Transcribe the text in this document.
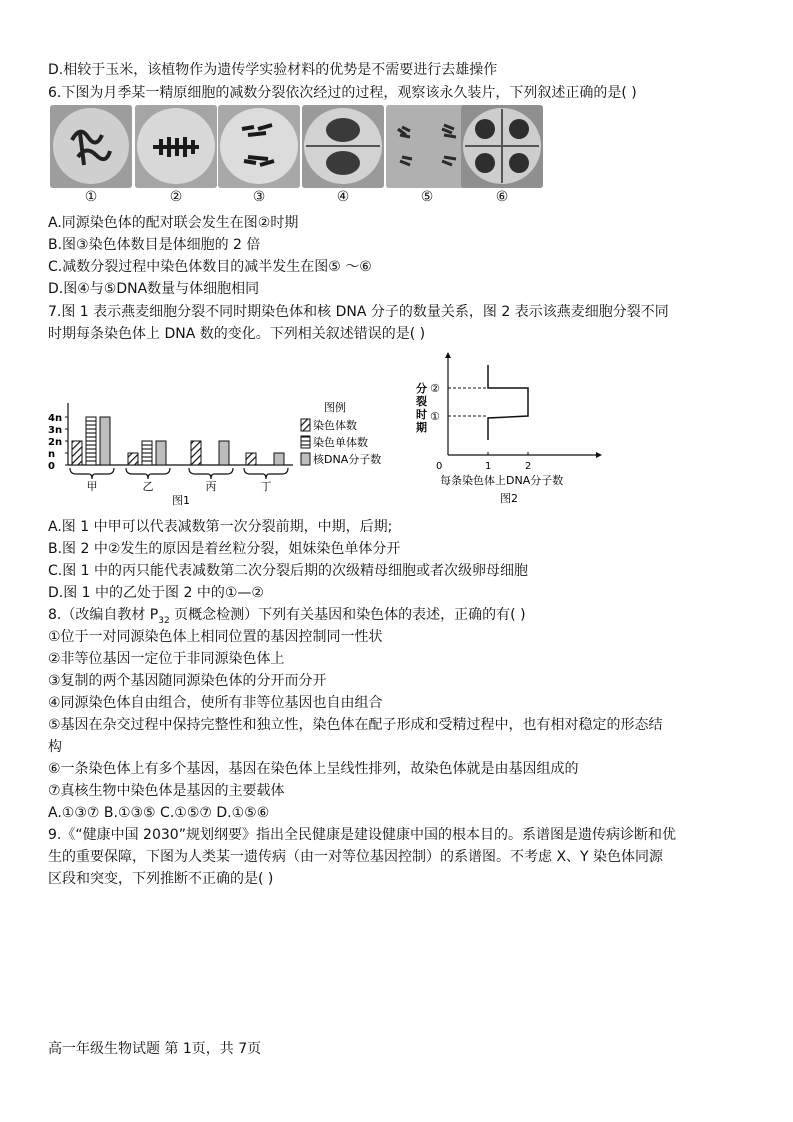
D.相较于玉米，该植物作为遗传学实验材料的优势是不需要进行去雄操作
6.下图为月季某一精原细胞的减数分裂依次经过的过程，观察该永久装片，下列叙述正确的是( )
①	②	③	④	⑤	⑥
A.同源染色体的配对联会发生在图②时期
B.图③染色体数目是体细胞的 2 倍
C.减数分裂过程中染色体数目的减半发生在图⑤ ～⑥
D.图④与⑤DNA数量与体细胞相同
7.图 1 表示燕麦细胞分裂不同时期染色体和核 DNA 分子的数量关系，图 2 表示该燕麦细胞分裂不同
时期每条染色体上 DNA 数的变化。下列相关叙述错误的是( )
4n
3n
2n
n
0
图1
甲	乙	丙	丁
图例
染色体数
染色单体数
核DNA分子数
分
裂
时
期
0	1	2
②
①
每条染色体上DNA分子数
图2
A.图 1 中甲可以代表减数第一次分裂前期，中期，后期;
B.图 2 中②发生的原因是着丝粒分裂，姐妹染色单体分开
C.图 1 中的丙只能代表减数第二次分裂后期的次级精母细胞或者次级卵母细胞
D.图 1 中的乙处于图 2 中的①—②
8.（改编自教材 $P_{32}$ 页概念检测）下列有关基因和染色体的表述，正确的有( )
①位于一对同源染色体上相同位置的基因控制同一性状
②非等位基因一定位于非同源染色体上
③复制的两个基因随同源染色体的分开而分开
④同源染色体自由组合，使所有非等位基因也自由组合
⑤基因在杂交过程中保持完整性和独立性，染色体在配子形成和受精过程中，也有相对稳定的形态结
构
⑥一条染色体上有多个基因，基因在染色体上呈线性排列，故染色体就是由基因组成的
⑦真核生物中染色体是基因的主要载体
A.①③⑦ B.①③⑤ C.①⑤⑦ D.①⑤⑥
9.《“健康中国 2030”规划纲要》指出全民健康是建设健康中国的根本目的。系谱图是遗传病诊断和优
生的重要保障，下图为人类某一遗传病（由一对等位基因控制）的系谱图。不考虑 X、Y 染色体同源
区段和突变，下列推断不正确的是( )
高一年级生物试题 第 1页，共 7页
